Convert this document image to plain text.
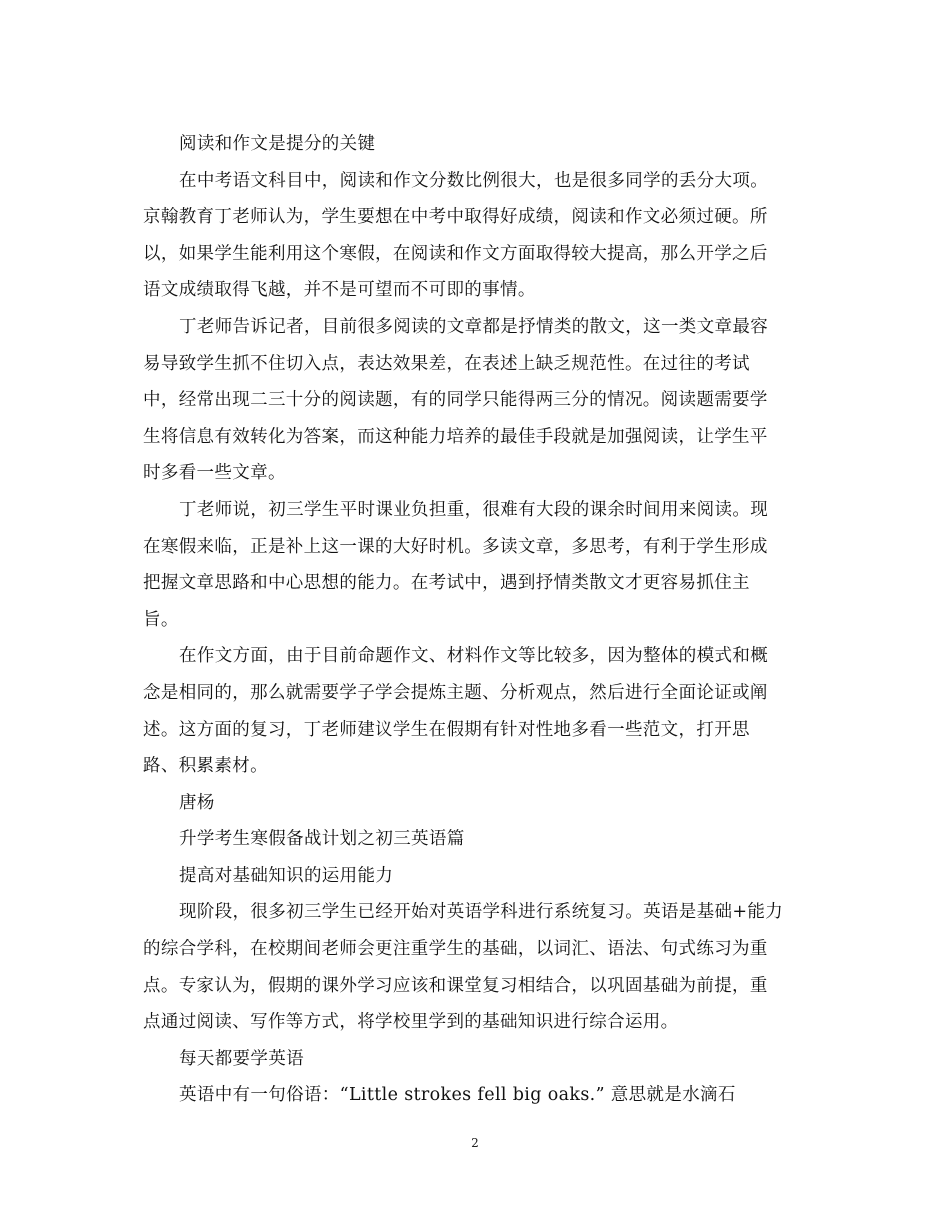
阅读和作文是提分的关键
在中考语文科目中，阅读和作文分数比例很大，也是很多同学的丢分大项。
京翰教育丁老师认为，学生要想在中考中取得好成绩，阅读和作文必须过硬。所
以，如果学生能利用这个寒假，在阅读和作文方面取得较大提高，那么开学之后
语文成绩取得飞越，并不是可望而不可即的事情。
丁老师告诉记者，目前很多阅读的文章都是抒情类的散文，这一类文章最容
易导致学生抓不住切入点，表达效果差，在表述上缺乏规范性。在过往的考试
中，经常出现二三十分的阅读题，有的同学只能得两三分的情况。阅读题需要学
生将信息有效转化为答案，而这种能力培养的最佳手段就是加强阅读，让学生平
时多看一些文章。
丁老师说，初三学生平时课业负担重，很难有大段的课余时间用来阅读。现
在寒假来临，正是补上这一课的大好时机。多读文章，多思考，有利于学生形成
把握文章思路和中心思想的能力。在考试中，遇到抒情类散文才更容易抓住主
旨。
在作文方面，由于目前命题作文、材料作文等比较多，因为整体的模式和概
念是相同的，那么就需要学子学会提炼主题、分析观点，然后进行全面论证或阐
述。这方面的复习，丁老师建议学生在假期有针对性地多看一些范文，打开思
路、积累素材。
唐杨
升学考生寒假备战计划之初三英语篇
提高对基础知识的运用能力
现阶段，很多初三学生已经开始对英语学科进行系统复习。英语是基础+能力
的综合学科，在校期间老师会更注重学生的基础，以词汇、语法、句式练习为重
点。专家认为，假期的课外学习应该和课堂复习相结合，以巩固基础为前提，重
点通过阅读、写作等方式，将学校里学到的基础知识进行综合运用。
每天都要学英语
英语中有一句俗语：“Little strokes fell big oaks.” 意思就是水滴石
2
